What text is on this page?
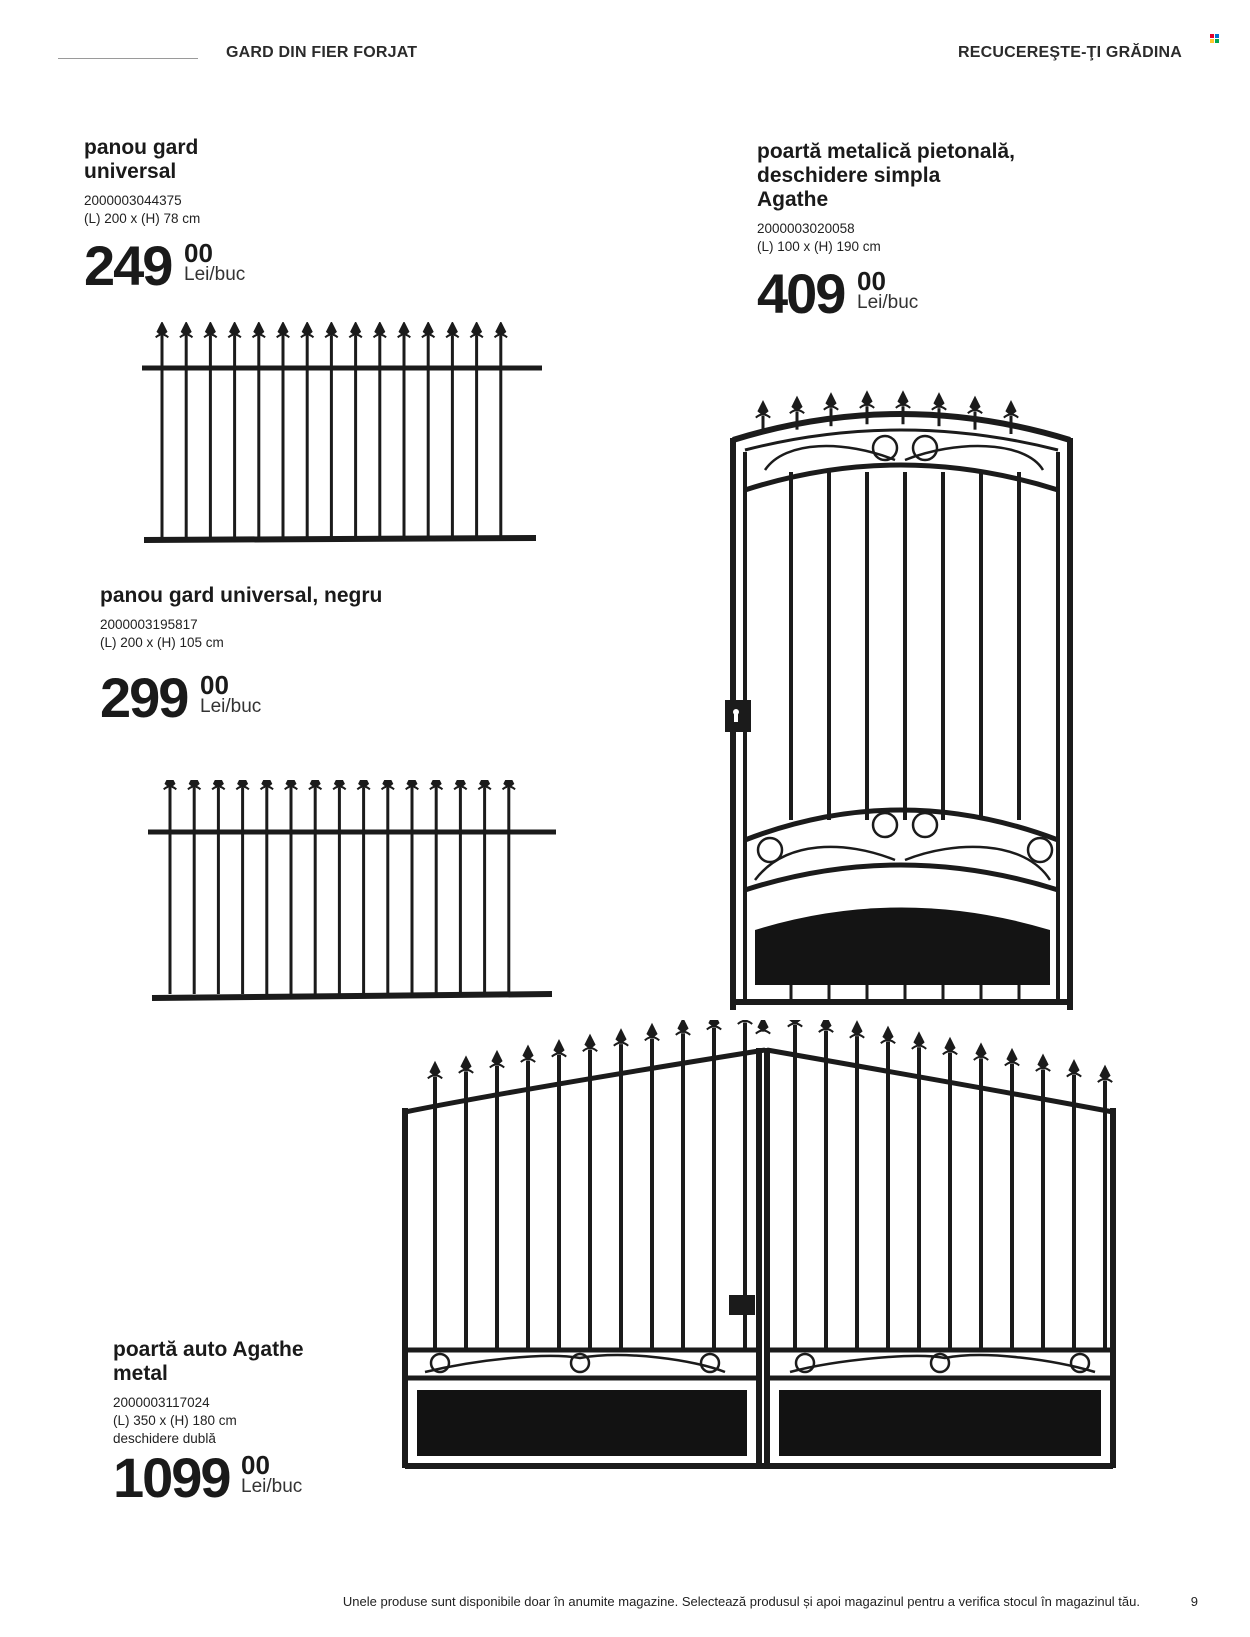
GARD DIN FIER FORJAT	RECUCEREŞTE-ŢI GRĂDINA
panou gard
universal
2000003044375
(L) 200 x (H) 78 cm
249 00
Lei/buc
panou gard universal, negru
2000003195817
(L) 200 x (H) 105 cm
299 00
Lei/buc
poartă metalică pietonală,
deschidere simpla
Agathe
2000003020058
(L) 100 x (H) 190 cm
409 00
Lei/buc
poartă auto Agathe
metal
2000003117024
(L) 350 x (H) 180 cm
deschidere dublă
1099 00
Lei/buc
Unele produse sunt disponibile doar în anumite magazine. Selectează produsul și apoi magazinul pentru a verifica stocul în magazinul tău.	9
